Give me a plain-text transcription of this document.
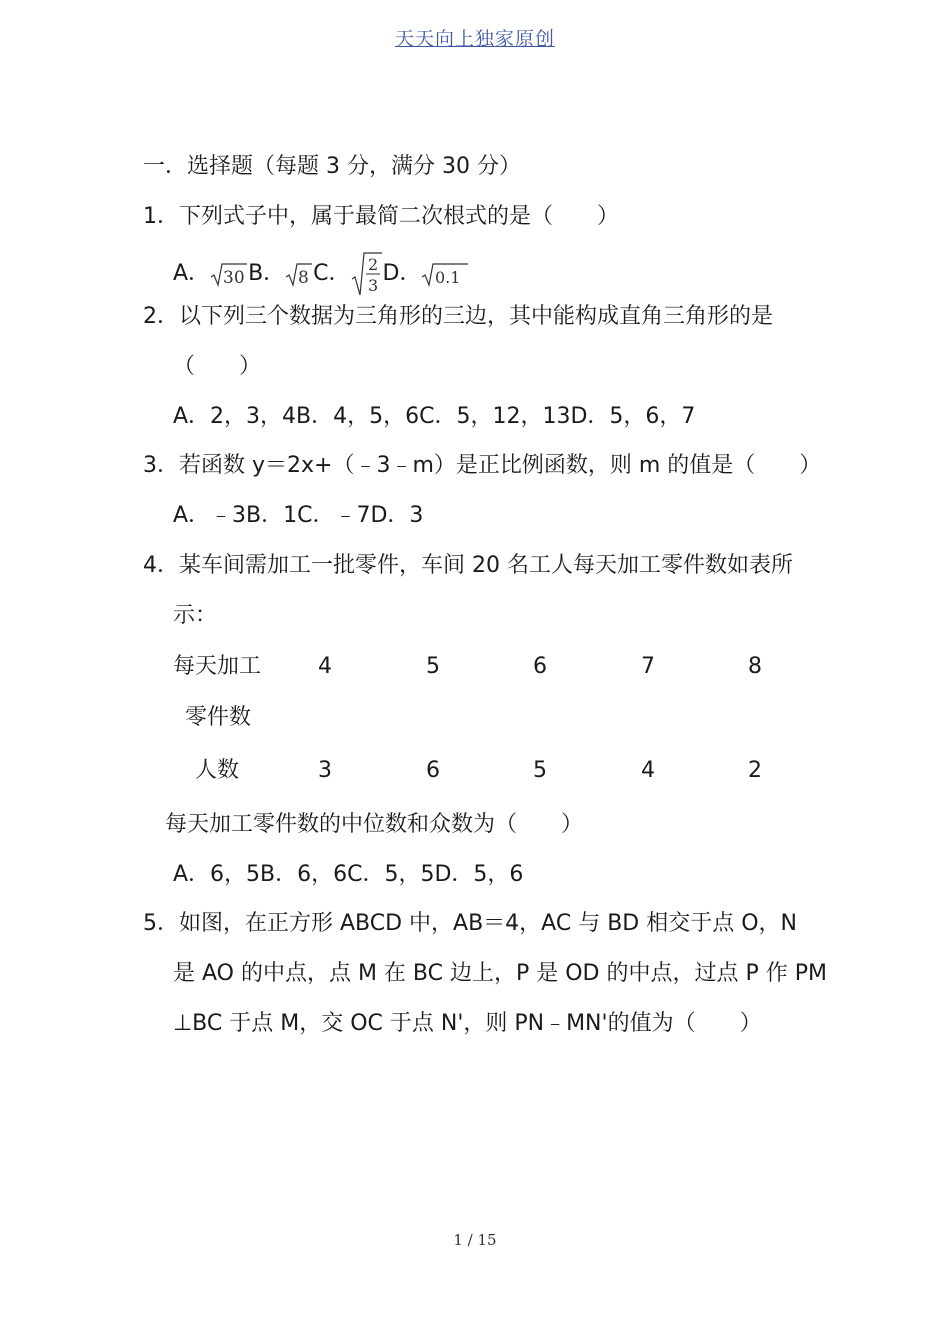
天天向上独家原创
一．选择题（每题 3 分，满分 30 分）
1．下列式子中，属于最简二次根式的是（　　）
A． 30 B． 8 C． 2
3 D． 0.1
2．以下列三个数据为三角形的三边，其中能构成直角三角形的是
（　　）
A．2，3，4B．4，5，6C．5，12，13D．5，6，7
3．若函数 y＝2x+（﹣3﹣m）是正比例函数，则 m 的值是（　　）
A．﹣3B．1C．﹣7D．3
4．某车间需加工一批零件，车间 20 名工人每天加工零件数如表所
示：
每天加工
零件数
4	5	6	7	8
人数	3	6	5	4	2
每天加工零件数的中位数和众数为（　　）
A．6，5B．6，6C．5，5D．5，6
5．如图，在正方形 ABCD 中，AB＝4，AC 与 BD 相交于点 O，N
是 AO 的中点，点 M 在 BC 边上，P 是 OD 的中点，过点 P 作 PM
⊥BC 于点 M，交 OC 于点 N'，则 PN﹣MN'的值为（　　）
1 / 15
